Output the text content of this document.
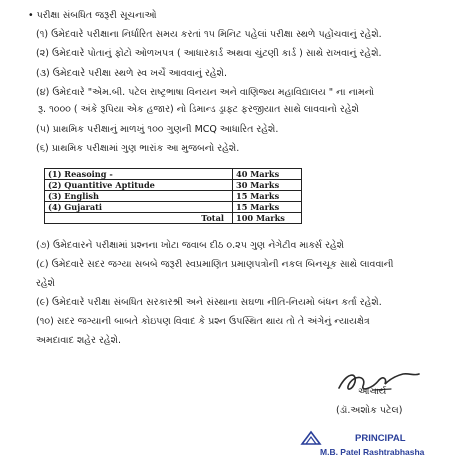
• પરીક્ષા સંબધિત જરૂરી સૂચનાઓ
(૧) ઉમેદવારે પરીક્ષાના નિર્ધારિત સમય કરતાં ૧૫ મિનિટ પહેલાં પરીક્ષા સ્થળે પહોંચવાનું રહેશે.
(૨) ઉમેદવારે પોતાનું ફોટો ઓળખપત્ર ( આધારકાર્ડ અથવા ચુંટણી કાર્ડ ) સાથે રાખવાનું રહેશે.
(૩) ઉમેદવારે પરીક્ષા સ્થળે સ્વ ખર્ચે આવવાનું રહેશે.
(૪) ઉમેદવારે "એમ.બી. પટેલ રાષ્ટ્રભાષા વિનયન અને વાણિજ્ય મહાવિદ્યાલય " ના નામનો
રૂ. ૧૦૦૦ ( અંકે રૂપિયા એક હજાર) નો ડિમાન્ડ ડ્રાફ્ટ ફરજીયાત સાથે લાવવાનો રહેશે
(૫) પ્રાથમિક પરીક્ષાનું માળખું ૧૦૦ ગુણની MCQ આધારિત રહેશે.
(૬) પ્રાથમિક પરીક્ષામાં ગુણ ભારાંક આ મુજબનો રહેશે.
(1) Reasoing -	40 Marks
(2) Quantitive Aptitude	30 Marks
(3) English	15 Marks
(4) Gujarati	15 Marks
Total	100 Marks
(૭) ઉમેદવારને પરીક્ષામાં પ્રશ્નના ખોટા જવાબ દીઠ ૦.૨૫ ગુણ નેગેટીવ માર્ક્સ રહેશે
(૮) ઉમેદવારે સદર જગ્યા સબબે જરૂરી સ્વપ્રમાણિત પ્રમાણપત્રોની નકલ બિનચૂક સાથે લાવવાની
રહેશે
(૯) ઉમેદવારે પરીક્ષા સંબધિત સરકારશ્રી અને સંસ્થાના સઘળા નીતિ-નિયમો બંધન કર્તા રહેશે.
(૧૦) સદર જગ્યાની બાબતે કોઇપણ વિવાદ કે પ્રશ્ન ઉપસ્થિત થાય તો તે અંગેનું ન્યાયક્ષેત્ર
અમદાવાદ શહેર રહેશે.
આચાર્ય
(ડૉ.અશોક પટેલ)
PRINCIPAL
M.B. Patel Rashtrabhasha
